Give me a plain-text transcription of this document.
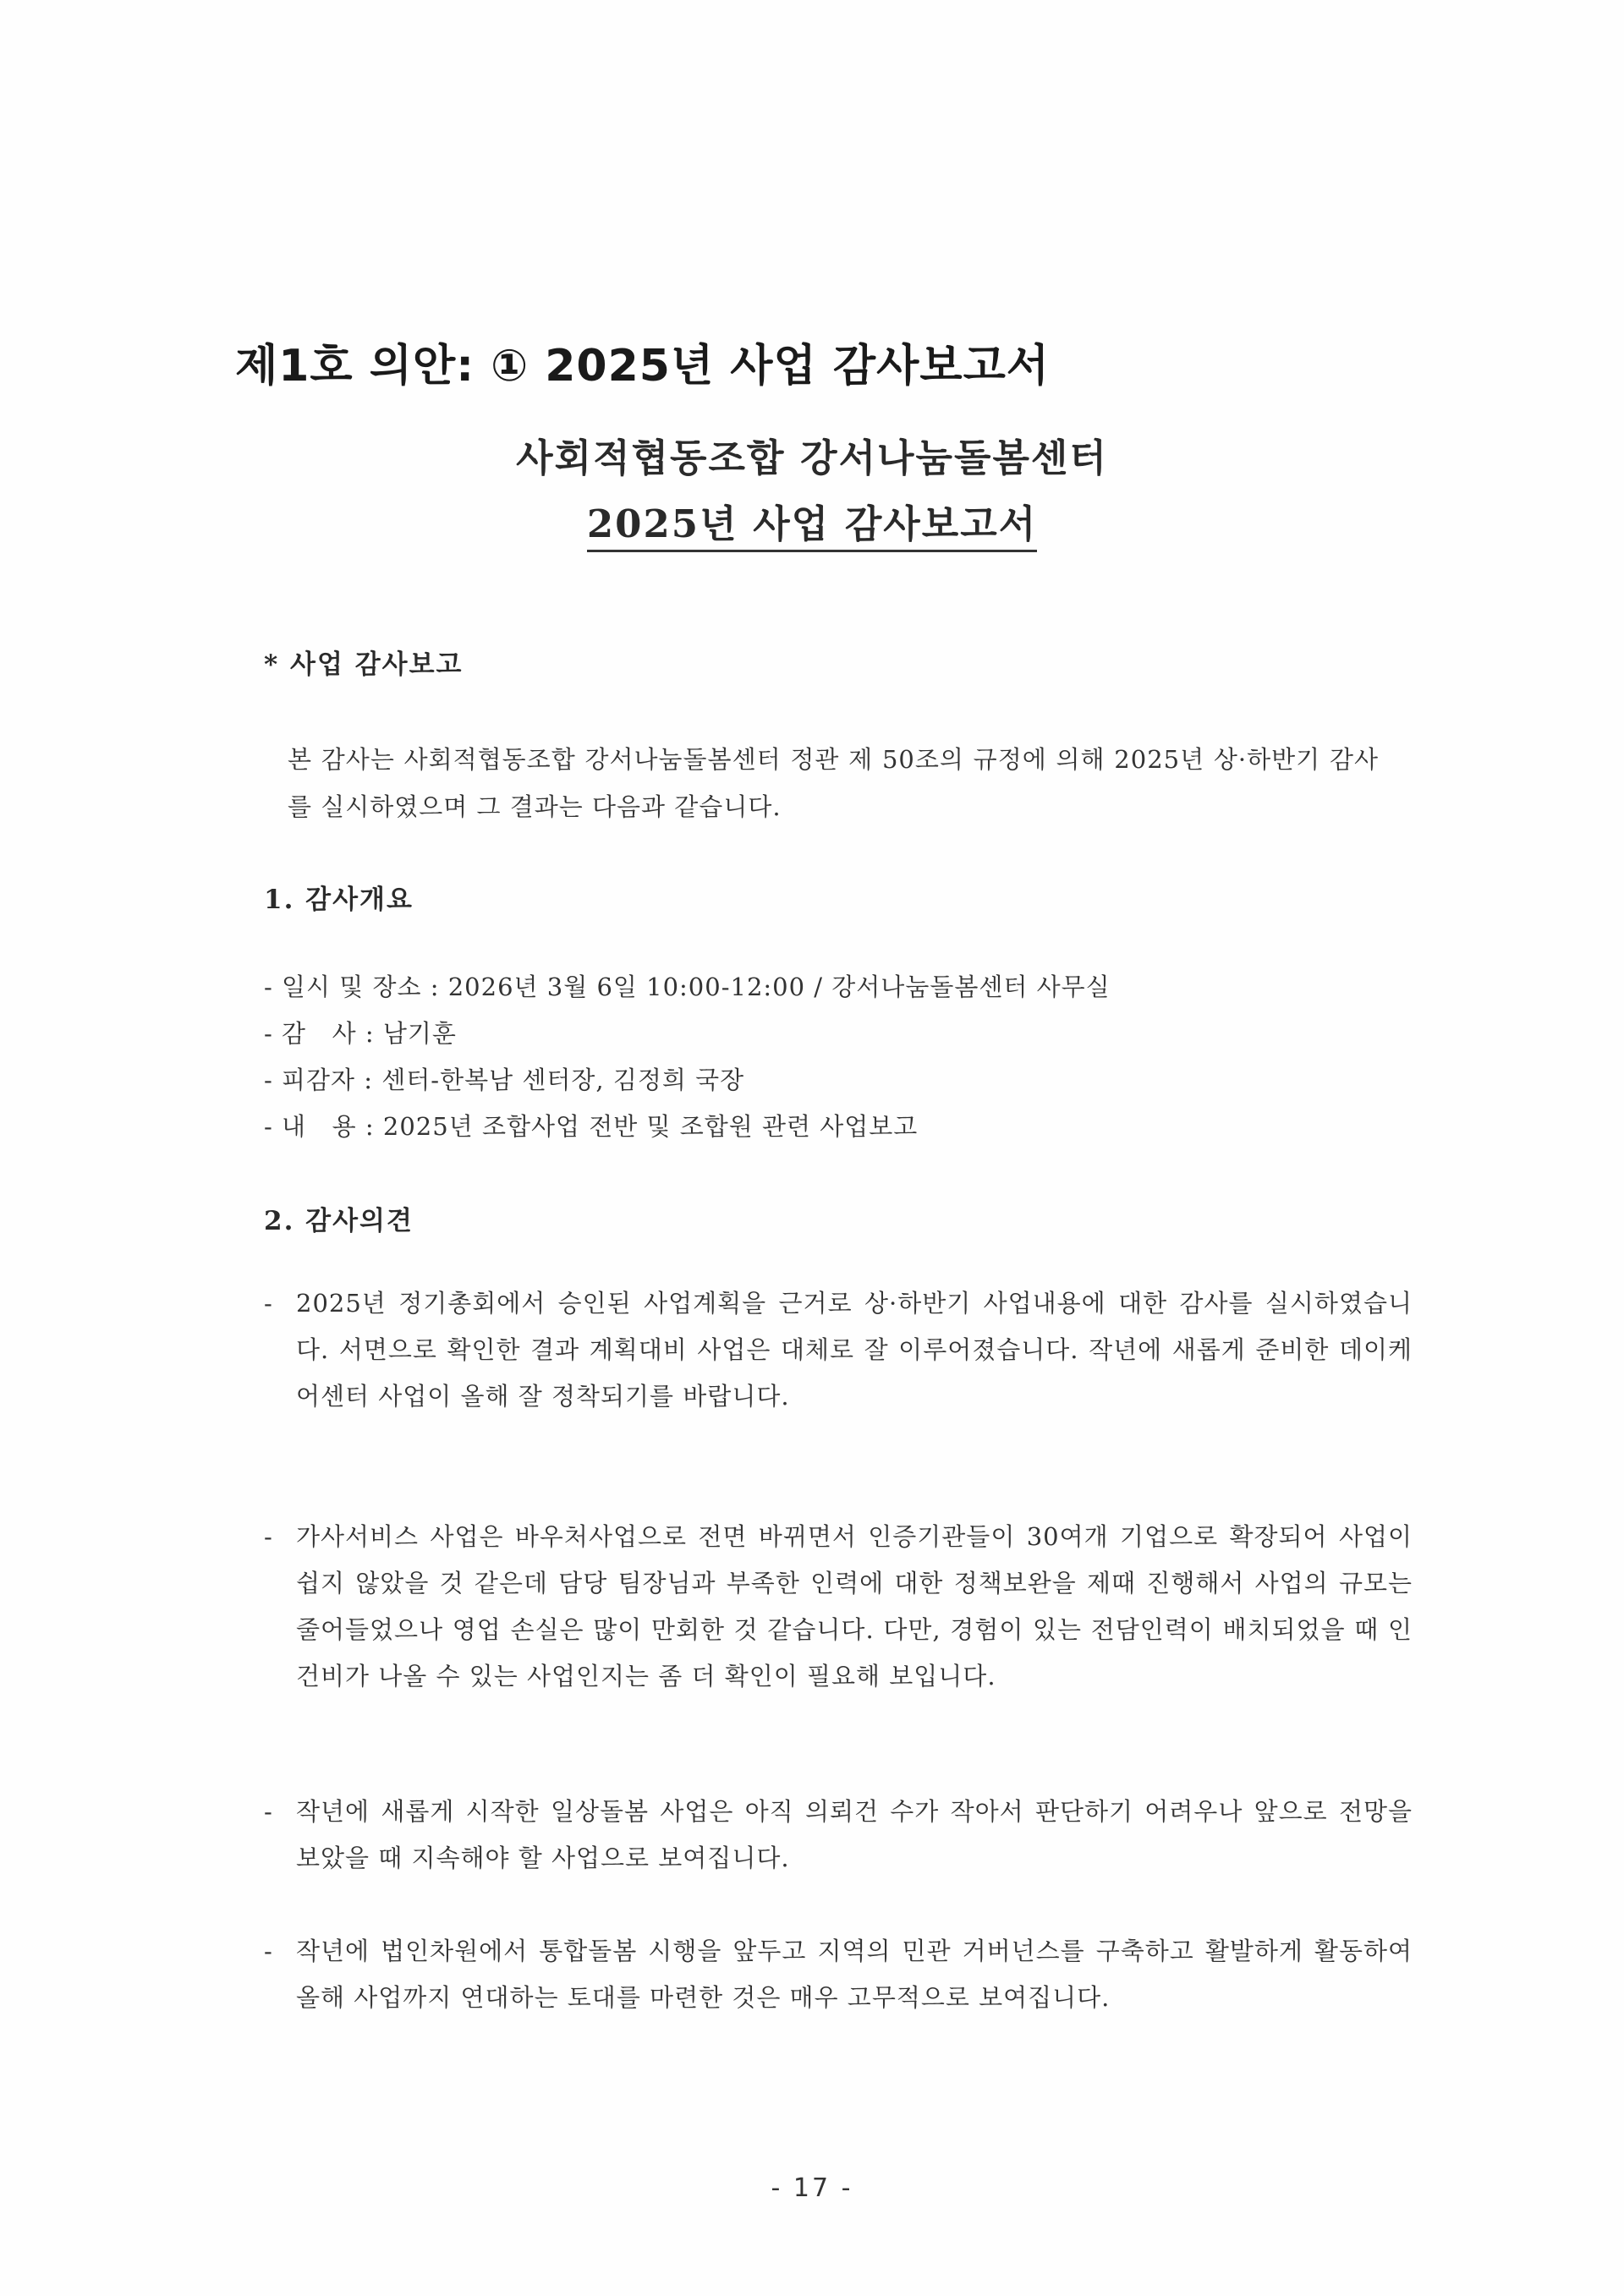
제1호 의안: ① 2025년 사업 감사보고서
사회적협동조합 강서나눔돌봄센터
2025년 사업 감사보고서
* 사업 감사보고
본 감사는 사회적협동조합 강서나눔돌봄센터 정관 제 50조의 규정에 의해 2025년 상·하반기 감사를 실시하였으며 그 결과는 다음과 같습니다.
1. 감사개요
- 일시 및 장소 : 2026년 3월 6일 10:00-12:00 / 강서나눔돌봄센터 사무실
- 감   사 : 남기훈
- 피감자 : 센터-한복남 센터장, 김정희 국장
- 내   용 : 2025년 조합사업 전반 및 조합원 관련 사업보고
2. 감사의견
- 2025년 정기총회에서 승인된 사업계획을 근거로 상·하반기 사업내용에 대한 감사를 실시하였습니다. 서면으로 확인한 결과 계획대비 사업은 대체로 잘 이루어졌습니다. 작년에 새롭게 준비한 데이케어센터 사업이 올해 잘 정착되기를 바랍니다.
- 가사서비스 사업은 바우처사업으로 전면 바뀌면서 인증기관들이 30여개 기업으로 확장되어 사업이 쉽지 않았을 것 같은데 담당 팀장님과 부족한 인력에 대한 정책보완을 제때 진행해서 사업의 규모는 줄어들었으나 영업 손실은 많이 만회한 것 같습니다. 다만, 경험이 있는 전담인력이 배치되었을 때 인건비가 나올 수 있는 사업인지는 좀 더 확인이 필요해 보입니다.
- 작년에 새롭게 시작한 일상돌봄 사업은 아직 의뢰건 수가 작아서 판단하기 어려우나 앞으로 전망을 보았을 때 지속해야 할 사업으로 보여집니다.
- 작년에 법인차원에서 통합돌봄 시행을 앞두고 지역의 민관 거버넌스를 구축하고 활발하게 활동하여 올해 사업까지 연대하는 토대를 마련한 것은 매우 고무적으로 보여집니다.
- 17 -
